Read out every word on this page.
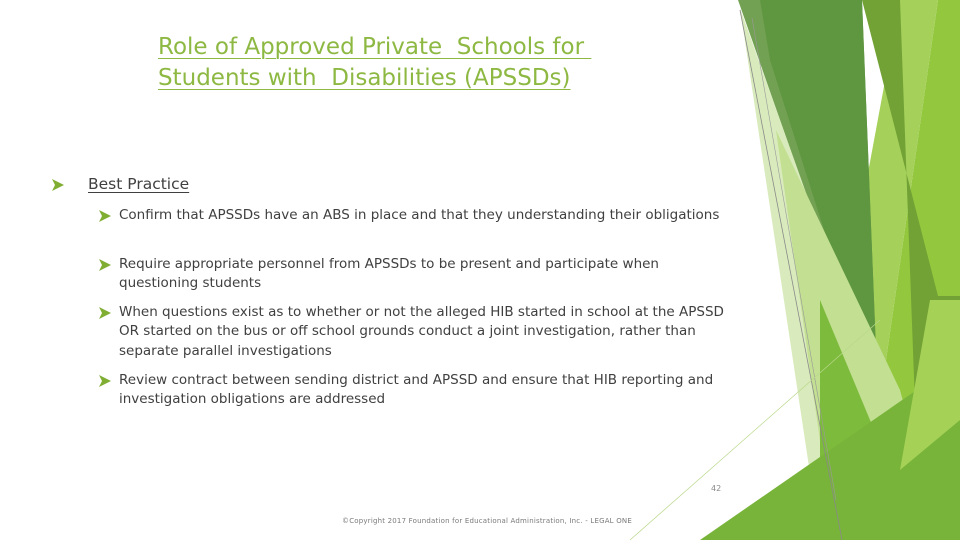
Role of Approved Private  Schools for
Students with  Disabilities (APSSDs)
Best Practice
Confirm that APSSDs have an ABS in place and that they understanding their obligations
Require appropriate personnel from APSSDs to be present and participate when questioning students
When questions exist as to whether or not the alleged HIB started in school at the APSSD OR started on the bus or off school grounds conduct a joint investigation, rather than separate parallel investigations
Review contract between sending district and APSSD and ensure that HIB reporting and investigation obligations are addressed
42
©Copyright 2017 Foundation for Educational Administration, Inc. - LEGAL ONE
